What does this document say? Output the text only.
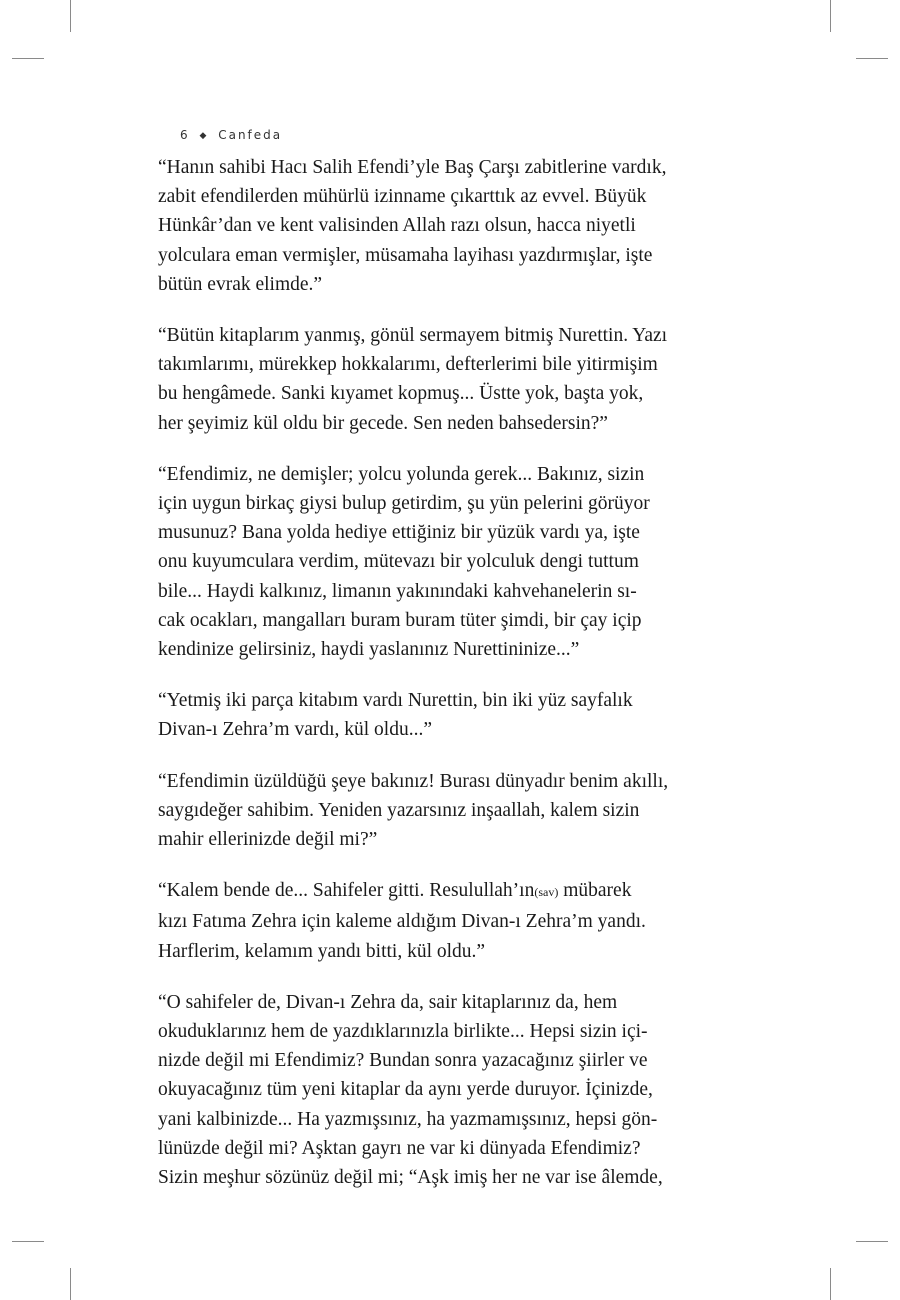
6 ◆ Canfeda

“Hanın sahibi Hacı Salih Efendi’yle Baş Çarşı zabitlerine vardık,
zabit efendilerden mühürlü izinname çıkarttık az evvel. Büyük
Hünkâr’dan ve kent valisinden Allah razı olsun, hacca niyetli
yolculara eman vermişler, müsamaha layihası yazdırmışlar, işte
bütün evrak elimde.”

“Bütün kitaplarım yanmış, gönül sermayem bitmiş Nurettin. Yazı
takımlarımı, mürekkep hokkalarımı, defterlerimi bile yitirmişim
bu hengâmede. Sanki kıyamet kopmuş... Üstte yok, başta yok,
her şeyimiz kül oldu bir gecede. Sen neden bahsedersin?”

“Efendimiz, ne demişler; yolcu yolunda gerek... Bakınız, sizin
için uygun birkaç giysi bulup getirdim, şu yün pelerini görüyor
musunuz? Bana yolda hediye ettiğiniz bir yüzük vardı ya, işte
onu kuyumculara verdim, mütevazı bir yolculuk dengi tuttum
bile... Haydi kalkınız, limanın yakınındaki kahvehanelerin sı-
cak ocakları, mangalları buram buram tüter şimdi, bir çay içip
kendinize gelirsiniz, haydi yaslanınız Nurettininize...”

“Yetmiş iki parça kitabım vardı Nurettin, bin iki yüz sayfalık
Divan-ı Zehra’m vardı, kül oldu...”

“Efendimin üzüldüğü şeye bakınız! Burası dünyadır benim akıllı,
saygıdeğer sahibim. Yeniden yazarsınız inşaallah, kalem sizin
mahir ellerinizde değil mi?”

“Kalem bende de... Sahifeler gitti. Resulullah’ın(sav) mübarek
kızı Fatıma Zehra için kaleme aldığım Divan-ı Zehra’m yandı.
Harflerim, kelamım yandı bitti, kül oldu.”

“O sahifeler de, Divan-ı Zehra da, sair kitaplarınız da, hem
okuduklarınız hem de yazdıklarınızla birlikte... Hepsi sizin içi-
nizde değil mi Efendimiz? Bundan sonra yazacağınız şiirler ve
okuyacağınız tüm yeni kitaplar da aynı yerde duruyor. İçinizde,
yani kalbinizde... Ha yazmışsınız, ha yazmamışsınız, hepsi gön-
lünüzde değil mi? Aşktan gayrı ne var ki dünyada Efendimiz?
Sizin meşhur sözünüz değil mi; “Aşk imiş her ne var ise âlemde,
